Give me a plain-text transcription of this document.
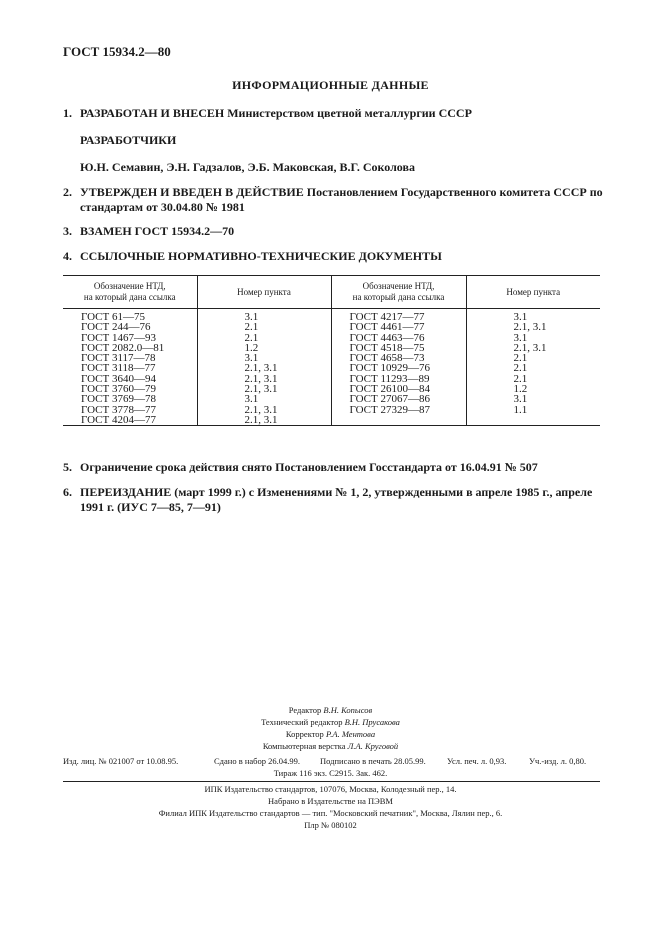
ГОСТ 15934.2—80
ИНФОРМАЦИОННЫЕ ДАННЫЕ
1. РАЗРАБОТАН И ВНЕСЕН Министерством цветной металлургии СССР
РАЗРАБОТЧИКИ
Ю.Н. Семавин, Э.Н. Гадзалов, Э.Б. Маковская, В.Г. Соколова
2. УТВЕРЖДЕН И ВВЕДЕН В ДЕЙСТВИЕ Постановлением Государственного комитета СССР по
стандартам от 30.04.80 № 1981
3. ВЗАМЕН ГОСТ 15934.2—70
4. ССЫЛОЧНЫЕ НОРМАТИВНО-ТЕХНИЧЕСКИЕ ДОКУМЕНТЫ
Обозначение НТД,
на который дана ссылка	Номер пункта	Обозначение НТД,
на который дана ссылка	Номер пункта

ГОСТ 61—75	3.1	ГОСТ 4217—77	3.1
ГОСТ 244—76	2.1	ГОСТ 4461—77	2.1, 3.1
ГОСТ 1467—93	2.1	ГОСТ 4463—76	3.1
ГОСТ 2082.0—81	1.2	ГОСТ 4518—75	2.1, 3.1
ГОСТ 3117—78	3.1	ГОСТ 4658—73	2.1
ГОСТ 3118—77	2.1, 3.1	ГОСТ 10929—76	2.1
ГОСТ 3640—94	2.1, 3.1	ГОСТ 11293—89	2.1
ГОСТ 3760—79	2.1, 3.1	ГОСТ 26100—84	1.2
ГОСТ 3769—78	3.1	ГОСТ 27067—86	3.1
ГОСТ 3778—77	2.1, 3.1	ГОСТ 27329—87	1.1
ГОСТ 4204—77	2.1, 3.1		
5. Ограничение срока действия снято Постановлением Госстандарта от 16.04.91 № 507
6. ПЕРЕИЗДАНИЕ (март 1999 г.) с Изменениями № 1, 2, утвержденными в апреле 1985 г., апреле
1991 г. (ИУС 7—85, 7—91)
Редактор В.Н. Копысов
Технический редактор В.Н. Прусакова
Корректор Р.А. Ментова
Компьютерная верстка Л.А. Круговой
Изд. лиц. № 021007 от 10.08.95.	Сдано в набор 26.04.99. Подписано в печать 28.05.99. Усл. печ. л. 0,93.	Уч.-изд. л. 0,80.
Тираж 116 экз. С2915. Зак. 462.
ИПК Издательство стандартов, 107076, Москва, Колодезный пер., 14.
Набрано в Издательстве на ПЭВМ
Филиал ИПК Издательство стандартов — тип. "Московский печатник", Москва, Лялин пер., 6.
Плр № 080102
